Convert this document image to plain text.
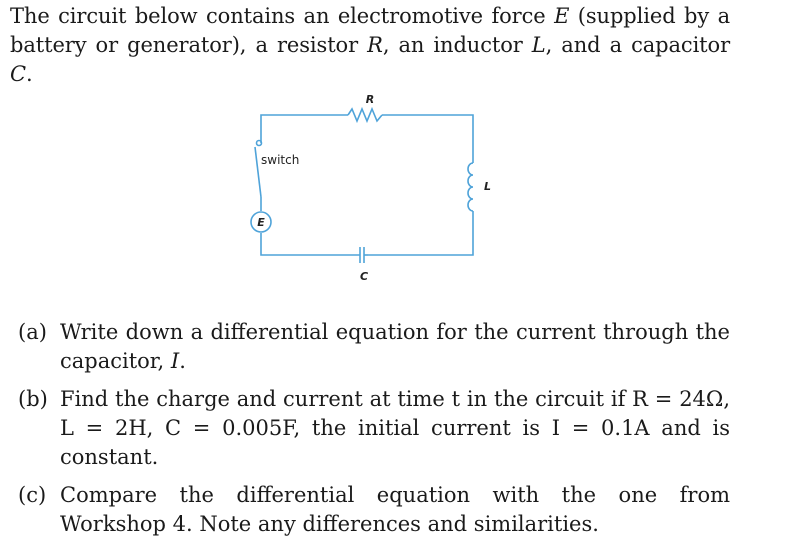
The circuit below contains an electromotive force E (supplied by a battery or generator), a resistor R, an inductor L, and a capacitor C.
R
switch
L
E
C
(a) Write down a differential equation for the current through the capacitor, I.
(b) Find the charge and current at time t in the circuit if R = 24Ω, L = 2H, C = 0.005F, the initial current is I = 0.1A and is constant.
(c) Compare the differential equation with the one from Workshop 4. Note any differences and similarities.
